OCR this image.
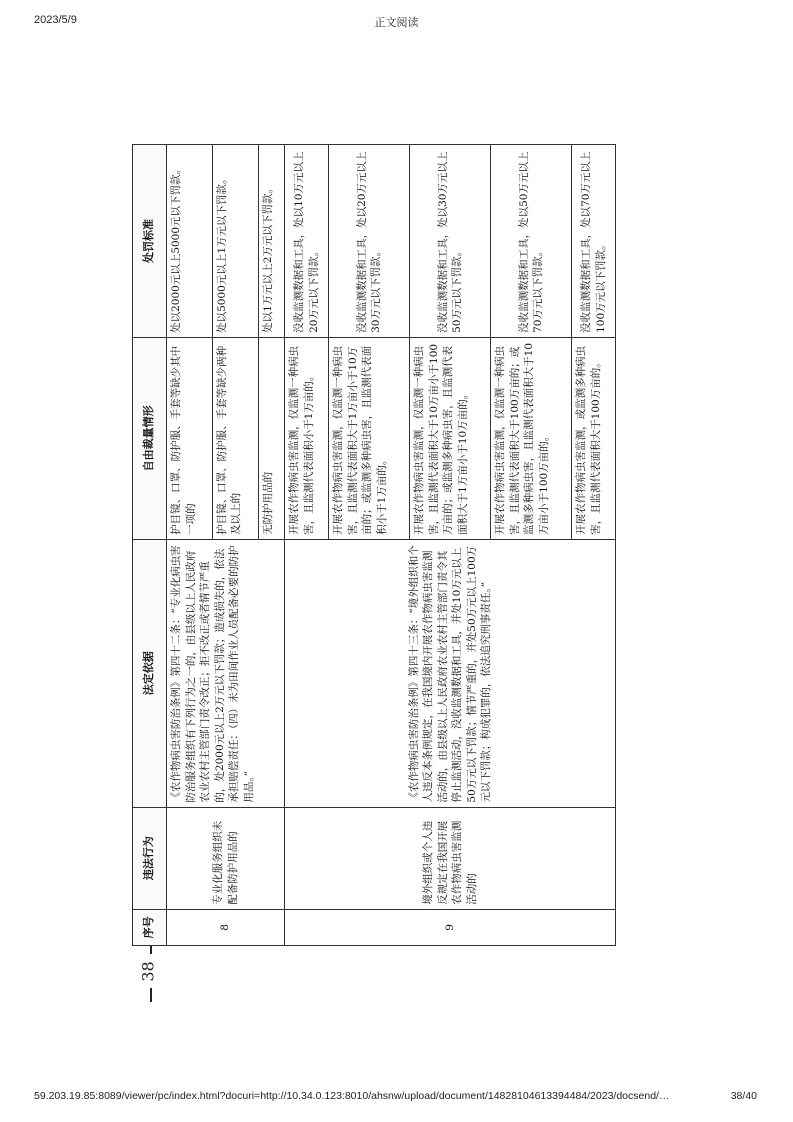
2023/5/9	正文阅读
38
序号	违法行为	法定依据	自由裁量情形	处罚标准
8	专业化服务组织未配备防护用品的	《农作物病虫害防治条例》第四十二条：“专业化病虫害防治服务组织有下列行为之一的，由县级以上人民政府农业农村主管部门责令改正；拒不改正或者情节严重的，处2000元以上2万元以下罚款；造成损失的，依法承担赔偿责任：（四）未为田间作业人员配备必要的防护用品。”	护目镜、口罩、防护服、手套等缺少其中一项的	处以2000元以上5000元以下罚款。
			护目镜、口罩、防护服、手套等缺少两种及以上的	处以5000元以上1万元以下罚款。
			无防护用品的	处以1万元以上2万元以下罚款。
9	境外组织或个人违反规定在我国开展农作物病虫害监测活动的	《农作物病虫害防治条例》第四十三条：“境外组织和个人违反本条例规定，在我国境内开展农作物病虫害监测活动的，由县级以上人民政府农业农村主管部门责令其停止监测活动，没收监测数据和工具，并处10万元以上50万元以下罚款；情节严重的，并处50万元以上100万元以下罚款；构成犯罪的，依法追究刑事责任。”	开展农作物病虫害监测，仅监测一种病虫害，且监测代表面积小于1万亩的。	没收监测数据和工具，处以10万元以上20万元以下罚款。
			开展农作物病虫害监测，仅监测一种病虫害，且监测代表面积大于1万亩小于10万亩的；或监测多种病虫害，且监测代表面积小于1万亩的。	没收监测数据和工具，处以20万元以上30万元以下罚款。
			开展农作物病虫害监测，仅监测一种病虫害，且监测代表面积大于10万亩小于100万亩的；或监测多种病虫害，且监测代表面积大于1万亩小于10万亩的。	没收监测数据和工具，处以30万元以上50万元以下罚款。
			开展农作物病虫害监测，仅监测一种病虫害，且监测代表面积大于100万亩的；或监测多种病虫害，且监测代表面积大于10万亩小于100万亩的。	没收监测数据和工具，处以50万元以上70万元以下罚款。
			开展农作物病虫害监测，或监测多种病虫害，且监测代表面积大于100万亩的。	没收监测数据和工具，处以70万元以上100万元以下罚款。
59.203.19.85:8089/viewer/pc/index.html?docuri=http://10.34.0.123:8010/ahsnw/upload/document/14828104613394484/2023/docsend/…	38/40
